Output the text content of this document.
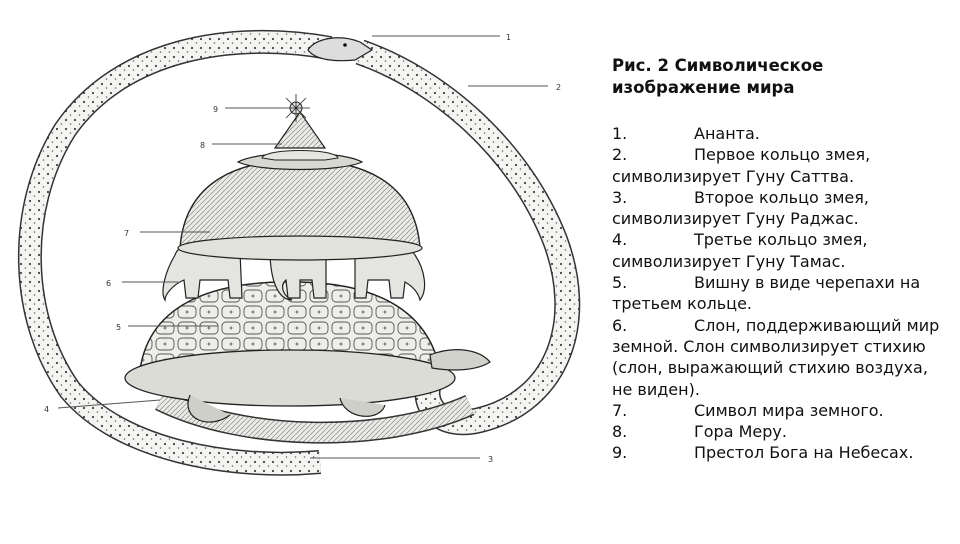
1
2
3
4
5
6
7
8
9
Рис. 2 Символическое изображение мира
1.	Ананта.
2.	Первое кольцо змея, символизирует Гуну Саттва.
3.	Второе кольцо змея, символизирует Гуну Раджас.
4.	Третье кольцо змея, символизирует Гуну Тамас.
5.	Вишну в виде черепахи на третьем кольце.
6.	Слон, поддерживающий мир земной. Слон символизирует стихию (слон, выражающий стихию воздуха, не виден).
7.	Символ мира земного.
8.	Гора Меру.
9.	Престол Бога на Небесах.
